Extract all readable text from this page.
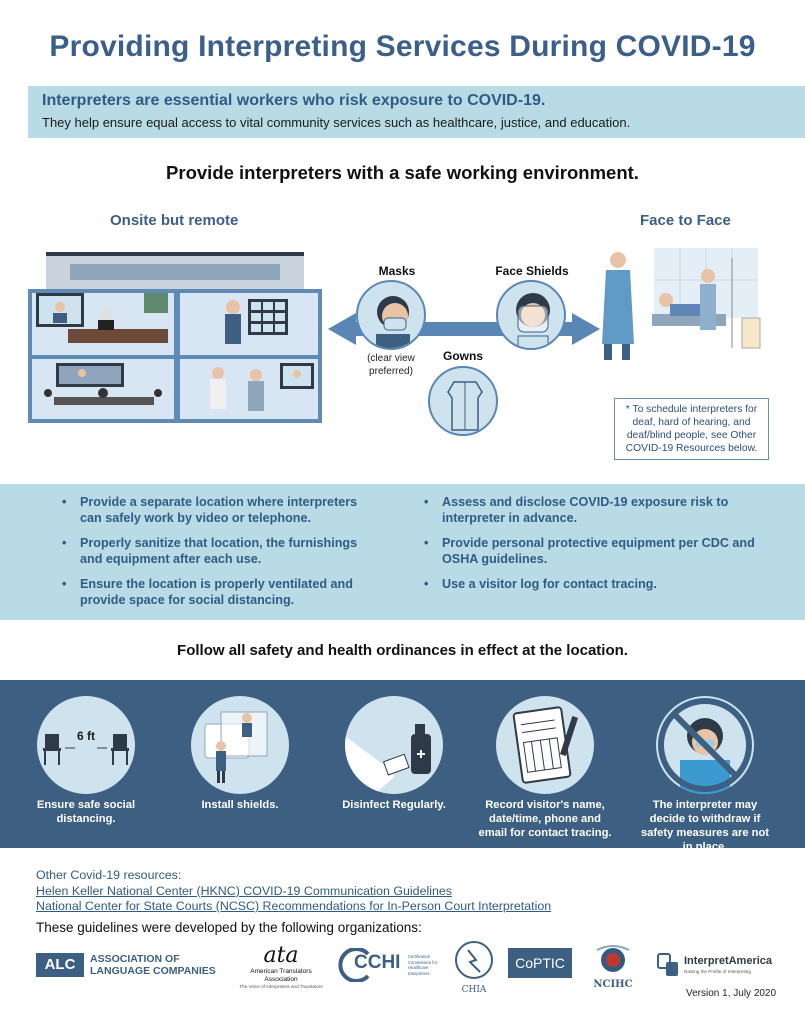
Providing Interpreting Services During COVID-19
Interpreters are essential workers who risk exposure to COVID-19.
They help ensure equal access to vital community services such as healthcare, justice, and education.
Provide interpreters with a safe working environment.
Onsite but remote	Face to Face
Masks
(clear view preferred)
Face Shields
Gowns
* To schedule interpreters for deaf, hard of hearing, and deaf/blind people, see Other COVID-19 Resources below.
• Provide a separate location where interpreters can safely work by video or telephone.
• Properly sanitize that location, the furnishings and equipment after each use.
• Ensure the location is properly ventilated and provide space for social distancing.
• Assess and disclose COVID-19 exposure risk to interpreter in advance.
• Provide personal protective equipment per CDC and OSHA guidelines.
• Use a visitor log for contact tracing.
Follow all safety and health ordinances in effect at the location.
6 ft
Ensure safe social distancing.
Install shields.	Disinfect Regularly.	Record visitor's name, date/time, phone and email for contact tracing.
The interpreter may decide to withdraw if safety measures are not in place.
Other Covid-19 resources:
Helen Keller National Center (HKNC) COVID-19 Communication Guidelines
National Center for State Courts (NCSC) Recommendations for In-Person Court Interpretation
These guidelines were developed by the following organizations:
ALC	ASSOCIATION OF LANGUAGE COMPANIES
ata
American Translators Association
The Voice of Interpreters and Translators
CCHI Certification Commission for Healthcare Interpreters
CHIA
CoPTIC
NCIHC
InterpretAmerica
Raising the Profile of Interpreting
Version 1, July 2020
